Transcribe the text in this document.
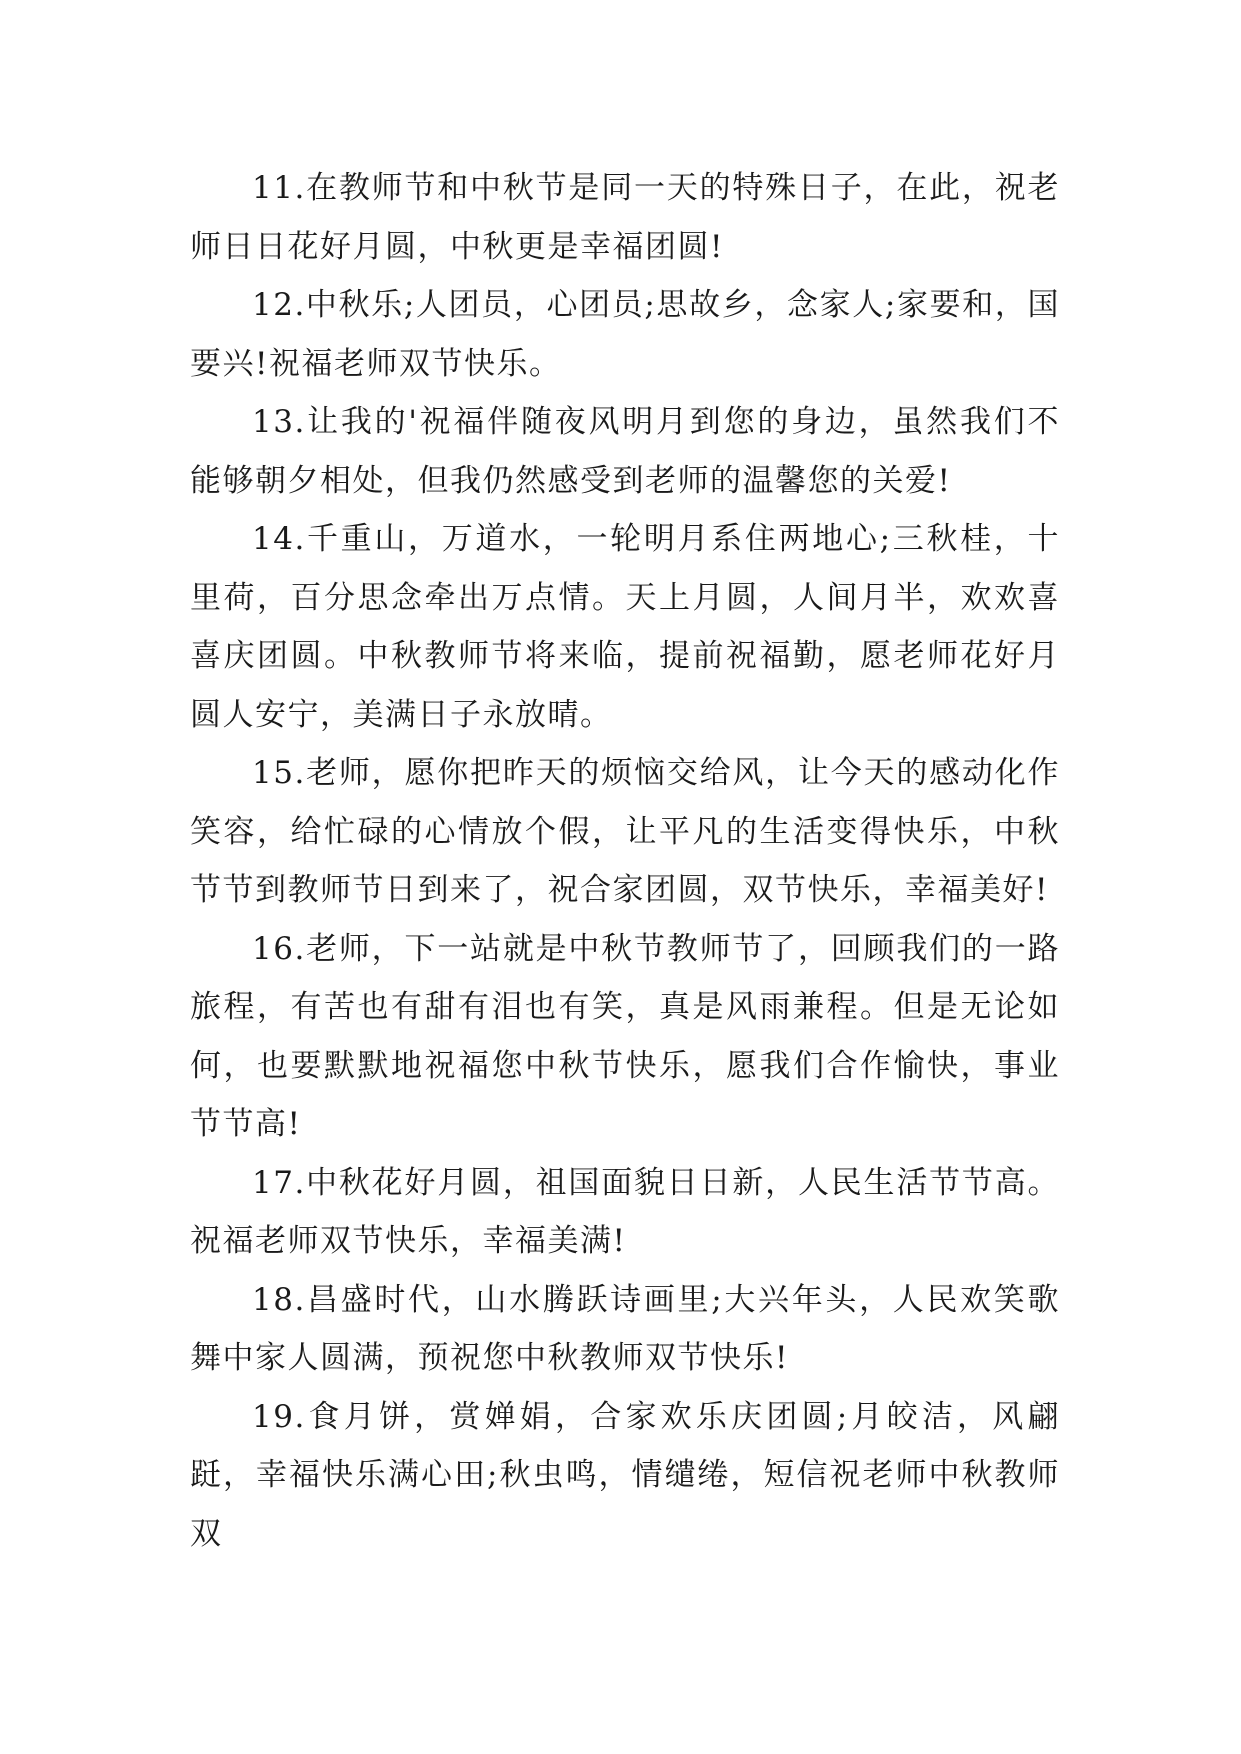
11.在教师节和中秋节是同一天的特殊日子，在此，祝老师日日花好月圆，中秋更是幸福团圆!

12.中秋乐;人团员，心团员;思故乡，念家人;家要和，国要兴!祝福老师双节快乐。

13.让我的'祝福伴随夜风明月到您的身边，虽然我们不能够朝夕相处，但我仍然感受到老师的温馨您的关爱!

14.千重山，万道水，一轮明月系住两地心;三秋桂，十里荷，百分思念牵出万点情。天上月圆，人间月半，欢欢喜喜庆团圆。中秋教师节将来临，提前祝福勤，愿老师花好月圆人安宁，美满日子永放晴。

15.老师，愿你把昨天的烦恼交给风，让今天的感动化作笑容，给忙碌的心情放个假，让平凡的生活变得快乐，中秋节节到教师节日到来了，祝合家团圆，双节快乐，幸福美好!

16.老师，下一站就是中秋节教师节了，回顾我们的一路旅程，有苦也有甜有泪也有笑，真是风雨兼程。但是无论如何，也要默默地祝福您中秋节快乐，愿我们合作愉快，事业节节高!

17.中秋花好月圆，祖国面貌日日新，人民生活节节高。祝福老师双节快乐，幸福美满!

18.昌盛时代，山水腾跃诗画里;大兴年头，人民欢笑歌舞中家人圆满，预祝您中秋教师双节快乐!

19.食月饼，赏婵娟，合家欢乐庆团圆;月皎洁，风翩跹，幸福快乐满心田;秋虫鸣，情缱绻，短信祝老师中秋教师双
